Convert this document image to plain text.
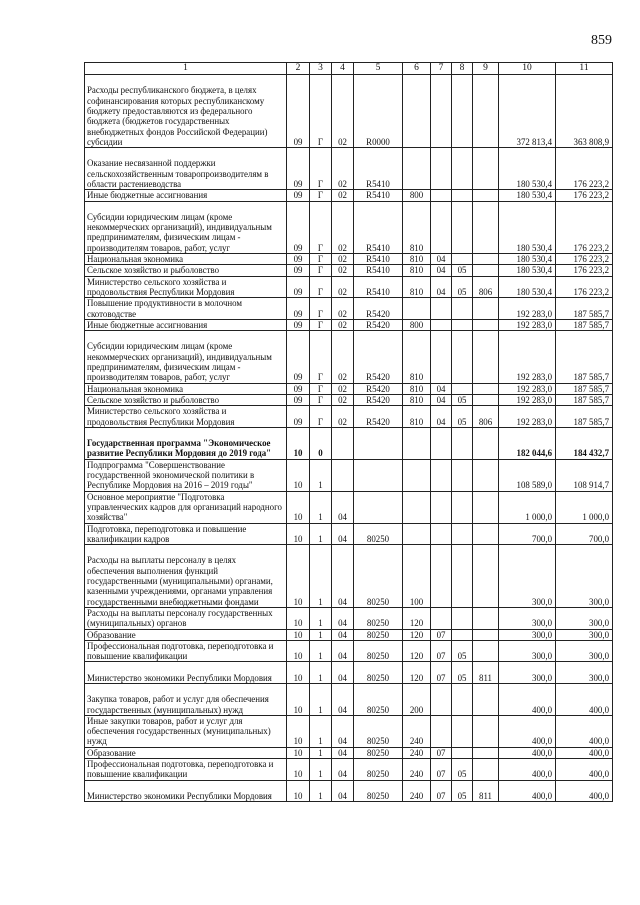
859
1	2	3	4	5	6	7	8	9	10	11
Расходы республиканского бюджета, в целях софинансирования которых республиканскому бюджету предоставляются из федерального бюджета (бюджетов государственных внебюджетных фондов Российской Федерации) субсидии	09	Г	02	R0000					372 813,4	363 808,9
Оказание несвязанной поддержки сельскохозяйственным товаропроизводителям в области растениеводства	09	Г	02	R5410					180 530,4	176 223,2
Иные бюджетные ассигнования	09	Г	02	R5410	800				180 530,4	176 223,2
Субсидии юридическим лицам (кроме некоммерческих организаций), индивидуальным предпринимателям, физическим лицам - производителям товаров, работ, услуг	09	Г	02	R5410	810				180 530,4	176 223,2
Национальная экономика	09	Г	02	R5410	810	04			180 530,4	176 223,2
Сельское хозяйство и рыболовство	09	Г	02	R5410	810	04	05		180 530,4	176 223,2
Министерство сельского хозяйства и продовольствия Республики Мордовия	09	Г	02	R5410	810	04	05	806	180 530,4	176 223,2
Повышение продуктивности в молочном скотоводстве	09	Г	02	R5420					192 283,0	187 585,7
Иные бюджетные ассигнования	09	Г	02	R5420	800				192 283,0	187 585,7
Субсидии юридическим лицам (кроме некоммерческих организаций), индивидуальным предпринимателям, физическим лицам - производителям товаров, работ, услуг	09	Г	02	R5420	810				192 283,0	187 585,7
Национальная экономика	09	Г	02	R5420	810	04			192 283,0	187 585,7
Сельское хозяйство и рыболовство	09	Г	02	R5420	810	04	05		192 283,0	187 585,7
Министерство сельского хозяйства и продовольствия Республики Мордовия	09	Г	02	R5420	810	04	05	806	192 283,0	187 585,7
Государственная программа "Экономическое развитие Республики Мордовия до 2019 года"	10	0							182 044,6	184 432,7
Подпрограмма "Совершенствование государственной экономической политики в Республике Мордовия на 2016 – 2019 годы"	10	1							108 589,0	108 914,7
Основное мероприятие "Подготовка управленческих кадров для организаций народного хозяйства"	10	1	04						1 000,0	1 000,0
Подготовка, переподготовка и повышение квалификации кадров	10	1	04	80250					700,0	700,0
Расходы на выплаты персоналу в целях обеспечения выполнения функций государственными (муниципальными) органами, казенными учреждениями, органами управления государственными внебюджетными фондами	10	1	04	80250	100				300,0	300,0
Расходы на выплаты персоналу государственных (муниципальных) органов	10	1	04	80250	120				300,0	300,0
Образование	10	1	04	80250	120	07			300,0	300,0
Профессиональная подготовка, переподготовка и повышение квалификации	10	1	04	80250	120	07	05		300,0	300,0
Министерство экономики Республики Мордовия	10	1	04	80250	120	07	05	811	300,0	300,0
Закупка товаров, работ и услуг для обеспечения государственных (муниципальных) нужд	10	1	04	80250	200				400,0	400,0
Иные закупки товаров, работ и услуг для обеспечения государственных (муниципальных) нужд	10	1	04	80250	240				400,0	400,0
Образование	10	1	04	80250	240	07			400,0	400,0
Профессиональная подготовка, переподготовка и повышение квалификации	10	1	04	80250	240	07	05		400,0	400,0
Министерство экономики Республики Мордовия	10	1	04	80250	240	07	05	811	400,0	400,0
